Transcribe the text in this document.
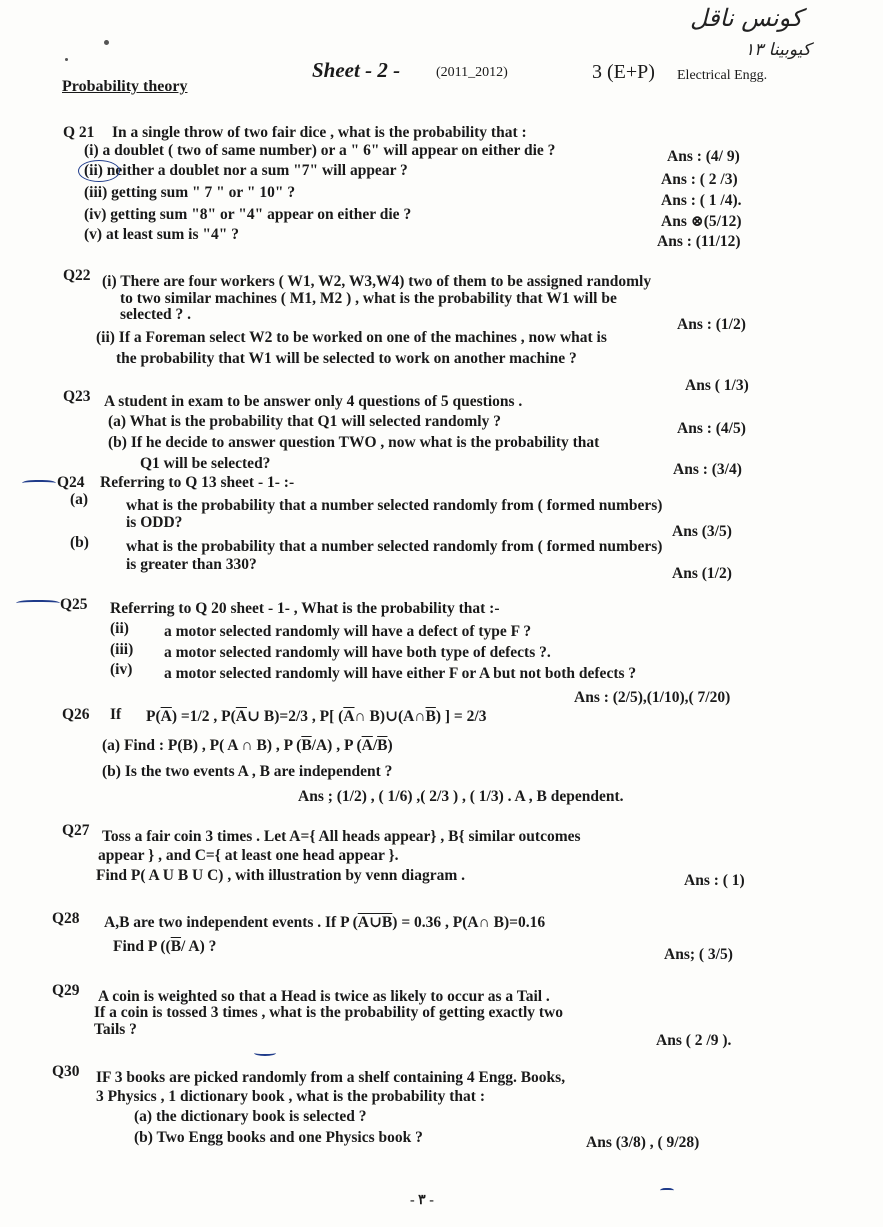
كونس ناقل
كيوبينا ١٣
Probability theory
Sheet - 2 -	(2011_2012)	3 (E+P) Electrical Engg.
Q 21 In a single throw of two fair dice , what is the probability that :
(i) a doublet ( two of same number) or a " 6" will appear on either die ?	Ans : (4/ 9)
(ii) neither a doublet nor a sum "7" will appear ?
Ans : ( 2 /3)
(iii) getting sum " 7 " or " 10" ?	Ans : ( 1 /4).
(iv) getting sum "8" or "4" appear on either die ?	Ans ⊗(5/12)
(v) at least sum is "4" ?	Ans : (11/12)
Q22 (i) There are four workers ( W1, W2, W3,W4) two of them to be assigned randomly
to two similar machines ( M1, M2 ) , what is the probability that W1 will be
selected ? .
Ans : (1/2)
(ii) If a Foreman select W2 to be worked on one of the machines , now what is
the probability that W1 will be selected to work on another machine ?
Ans ( 1/3)
Q23 A student in exam to be answer only 4 questions of 5 questions .
(a) What is the probability that Q1 will selected randomly ?	Ans : (4/5)
(b) If he decide to answer question TWO , now what is the probability that
Q1 will be selected?	Ans : (3/4)
Q24 Referring to Q 13 sheet - 1- :-
(a) what is the probability that a number selected randomly from ( formed numbers)
is ODD?
Ans (3/5)
(b) what is the probability that a number selected randomly from ( formed numbers)
is greater than 330?
Ans (1/2)
Q25 Referring to Q 20 sheet - 1- , What is the probability that :-
(ii) a motor selected randomly will have a defect of type F ?
(iii) a motor selected randomly will have both type of defects ?.
(iv) a motor selected randomly will have either F or A but not both defects ?
Ans : (2/5),(1/10),( 7/20)
Q26 If $P(\overline{A}) =1/2$ , $P(\overline{A}\cup$ B)=2/3 , P[ ($\overline{A}\cap$ $B)\cup(A\cap\overline{B})$ ] = 2/3
(a) Find : P(B) , P( A ∩ B) , P $(\overline{B}/A)$ , P $(\overline{A}/\overline{B})$
(b) Is the two events A , B are independent ?
Ans ; (1/2) , ( 1/6) ,( 2/3 ) , ( 1/3) . A , B dependent.
Q27 Toss a fair coin 3 times . Let A={ All heads appear} , B{ similar outcomes
appear } , and C={ at least one head appear }.
Find P( A U B U C) , with illustration by venn diagram .	Ans : ( 1)
Q28 A,B are two independent events . If P (A∪B) = 0.36 , P(A∩ B)=0.16
Find P (($\overline{B}/$ A) ?	Ans; ( 3/5)
Q29 A coin is weighted so that a Head is twice as likely to occur as a Tail .
If a coin is tossed 3 times , what is the probability of getting exactly two
Tails ?
Ans ( 2 /9 ).
Q30 IF 3 books are picked randomly from a shelf containing 4 Engg. Books,
3 Physics , 1 dictionary book , what is the probability that :
(a) the dictionary book is selected ?
(b) Two Engg books and one Physics book ?	Ans (3/8) , ( 9/28)
- ٣ -
